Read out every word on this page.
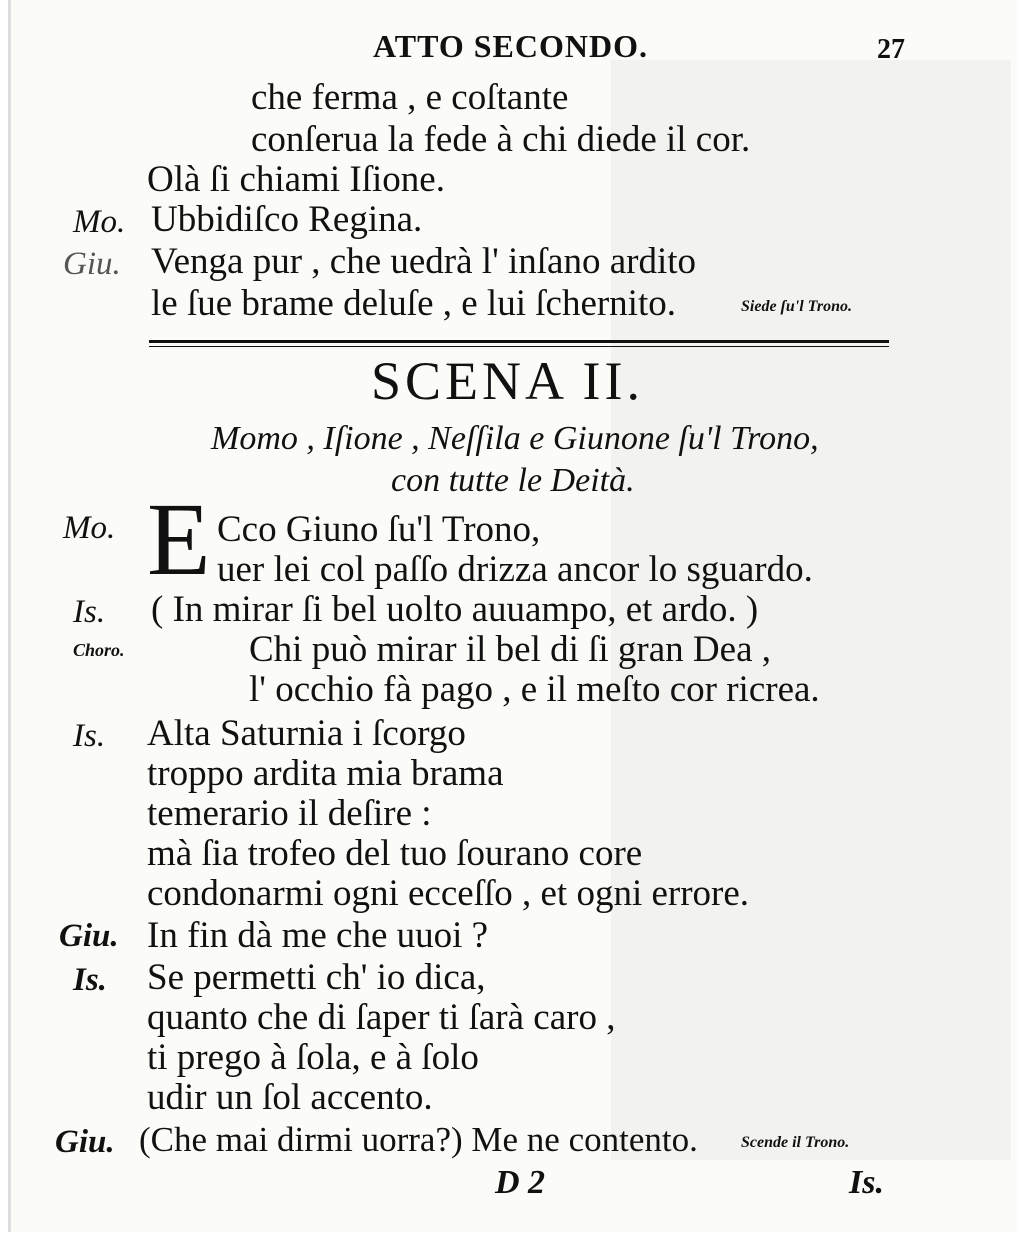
ATTO SECONDO.	27
che ferma , e coſtante
conſerua la fede à chi diede il cor.
Olà ſi chiami Iſione.
Mo. Ubbidiſco Regina.
Giu. Venga pur , che uedrà l' inſano ardito
le ſue brame deluſe , e lui ſchernito.	Siede ſu'l Trono.
SCENA II.
Momo , Iſione , Neſſila e Giunone ſu'l Trono,
con tutte le Deità.
Mo. E Cco Giuno ſu'l Trono,
uer lei col paſſo drizza ancor lo sguardo.
Is. ( In mirar ſi bel uolto auuampo, et ardo. )
Choro.	Chi può mirar il bel di ſi gran Dea ,
l' occhio fà pago , e il meſto cor ricrea.
Is. Alta Saturnia i ſcorgo
troppo ardita mia brama
temerario il deſire :
mà ſia trofeo del tuo ſourano core
condonarmi ogni ecceſſo , et ogni errore.
Giu. In fin dà me che uuoi ?
Is. Se permetti ch' io dica,
quanto che di ſaper ti ſarà caro ,
ti prego à ſola, e à ſolo
udir un ſol accento.
Giu. (Che mai dirmi uorra?) Me ne contento.	Scende il Trono.
D 2	Is.
